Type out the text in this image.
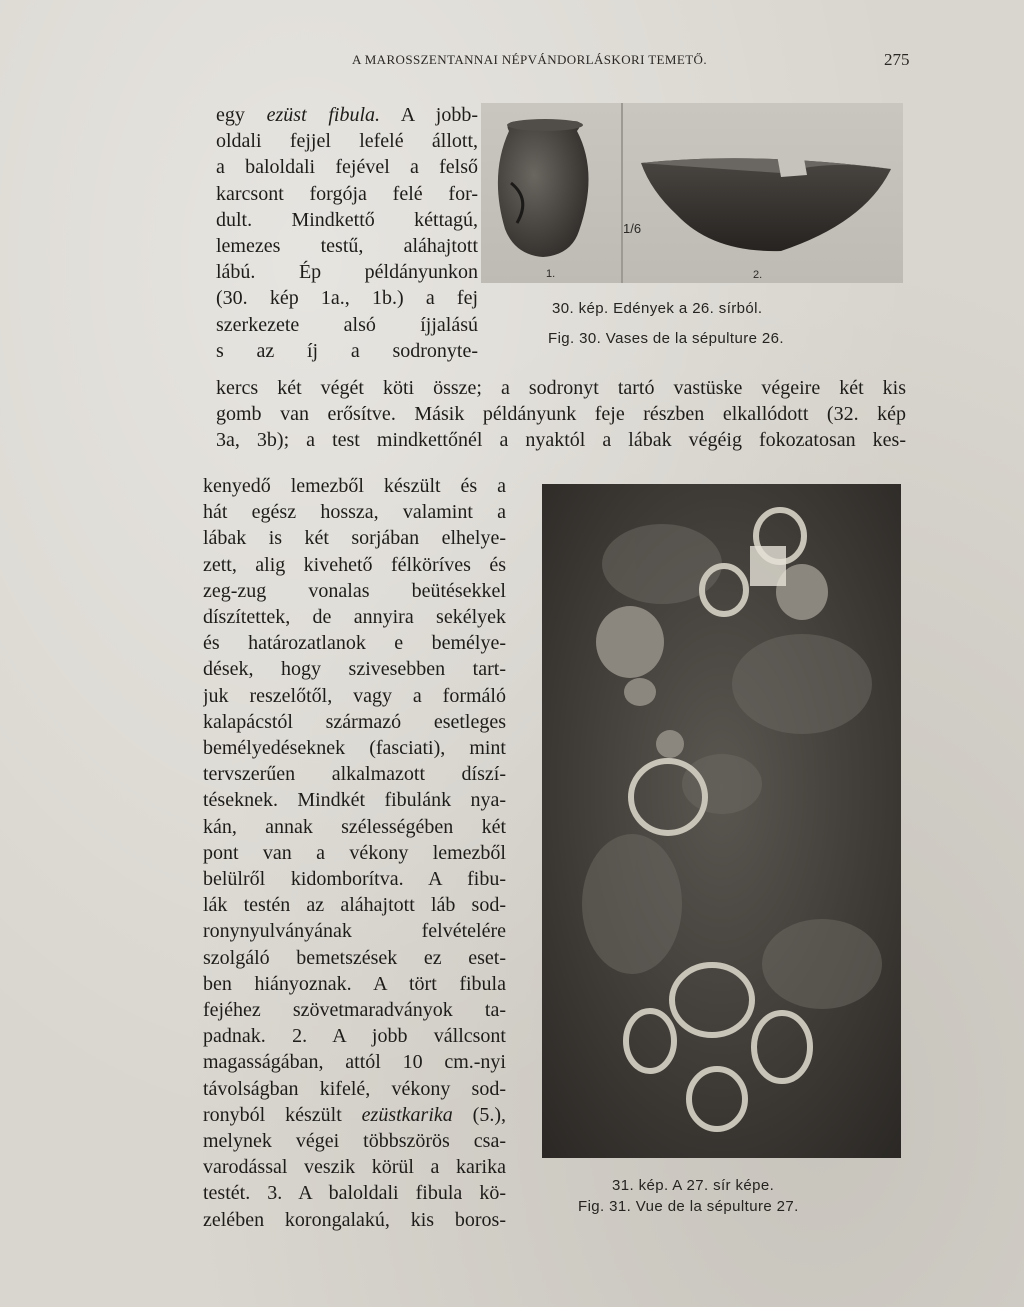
A MAROSSZENTANNAI NÉPVÁNDORLÁSKORI TEMETŐ.	275
egy ezüst fibula. A jobb-
oldali fejjel lefelé állott,
a baloldali fejével a felső
karcsont forgója felé for-
dult. Mindkettő kéttagú,
lemezes testű, aláhajtott
lábú. Ép példányunkon
(30. kép 1a., 1b.) a fej
szerkezete alsó íjjalású
s az íj a sodronyte-
1.	2.
1/6
30. kép. Edények a 26. sírból.
Fig. 30. Vases de la sépulture 26.
kercs két végét köti össze; a sodronyt tartó vastüske végeire két kis
gomb van erősítve. Másik példányunk feje részben elkallódott (32. kép
3a, 3b); a test mindkettőnél a nyaktól a lábak végéig fokozatosan kes-
kenyedő lemezből készült és a
hát egész hossza, valamint a
lábak is két sorjában elhelye-
zett, alig kivehető félköríves és
zeg-zug vonalas beütésekkel
díszítettek, de annyira sekélyek
és határozatlanok e bemélye-
dések, hogy szivesebben tart-
juk reszelőtől, vagy a formáló
kalapácstól származó esetleges
bemélyedéseknek (fasciati), mint
tervszerűen alkalmazott díszí-
téseknek. Mindkét fibulánk nya-
kán, annak szélességében két
pont van a vékony lemezből
belülről kidomborítva. A fibu-
lák testén az aláhajtott láb sod-
ronynyulványának felvételére
szolgáló bemetszések ez eset-
ben hiányoznak. A tört fibula
fejéhez szövetmaradványok ta-
padnak. 2. A jobb vállcsont
magasságában, attól 10 cm.-nyi
távolságban kifelé, vékony sod-
ronyból készült ezüstkarika (5.),
melynek végei többszörös csa-
varodással veszik körül a karika
testét. 3. A baloldali fibula kö-
zelében korongalakú, kis boros-
31. kép. A 27. sír képe.
Fig. 31. Vue de la sépulture 27.
